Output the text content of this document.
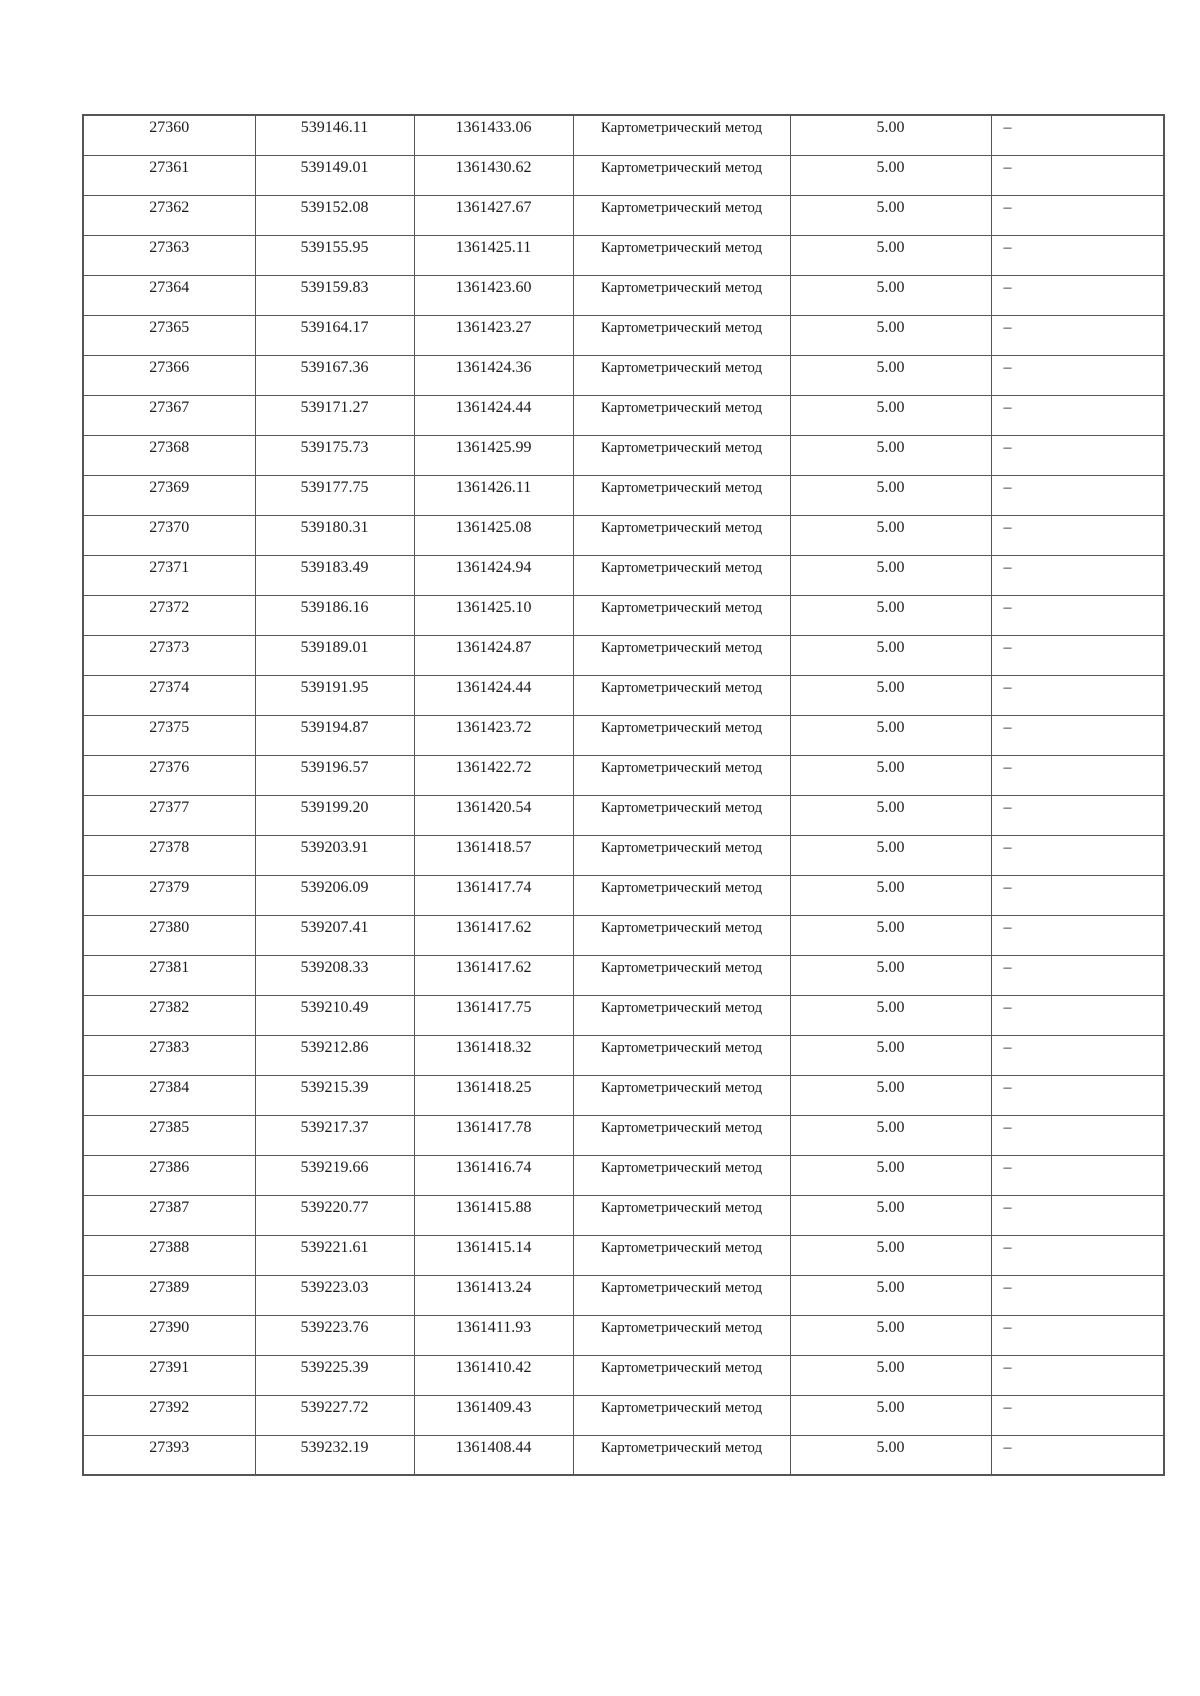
27360	539146.11	1361433.06	Картометрический метод	5.00	–

27361	539149.01	1361430.62	Картометрический метод	5.00	–

27362	539152.08	1361427.67	Картометрический метод	5.00	–

27363	539155.95	1361425.11	Картометрический метод	5.00	–

27364	539159.83	1361423.60	Картометрический метод	5.00	–

27365	539164.17	1361423.27	Картометрический метод	5.00	–

27366	539167.36	1361424.36	Картометрический метод	5.00	–

27367	539171.27	1361424.44	Картометрический метод	5.00	–

27368	539175.73	1361425.99	Картометрический метод	5.00	–

27369	539177.75	1361426.11	Картометрический метод	5.00	–

27370	539180.31	1361425.08	Картометрический метод	5.00	–

27371	539183.49	1361424.94	Картометрический метод	5.00	–

27372	539186.16	1361425.10	Картометрический метод	5.00	–

27373	539189.01	1361424.87	Картометрический метод	5.00	–

27374	539191.95	1361424.44	Картометрический метод	5.00	–

27375	539194.87	1361423.72	Картометрический метод	5.00	–

27376	539196.57	1361422.72	Картометрический метод	5.00	–

27377	539199.20	1361420.54	Картометрический метод	5.00	–

27378	539203.91	1361418.57	Картометрический метод	5.00	–

27379	539206.09	1361417.74	Картометрический метод	5.00	–

27380	539207.41	1361417.62	Картометрический метод	5.00	–

27381	539208.33	1361417.62	Картометрический метод	5.00	–

27382	539210.49	1361417.75	Картометрический метод	5.00	–

27383	539212.86	1361418.32	Картометрический метод	5.00	–

27384	539215.39	1361418.25	Картометрический метод	5.00	–

27385	539217.37	1361417.78	Картометрический метод	5.00	–

27386	539219.66	1361416.74	Картометрический метод	5.00	–

27387	539220.77	1361415.88	Картометрический метод	5.00	–

27388	539221.61	1361415.14	Картометрический метод	5.00	–

27389	539223.03	1361413.24	Картометрический метод	5.00	–

27390	539223.76	1361411.93	Картометрический метод	5.00	–

27391	539225.39	1361410.42	Картометрический метод	5.00	–

27392	539227.72	1361409.43	Картометрический метод	5.00	–

27393	539232.19	1361408.44	Картометрический метод	5.00	–
